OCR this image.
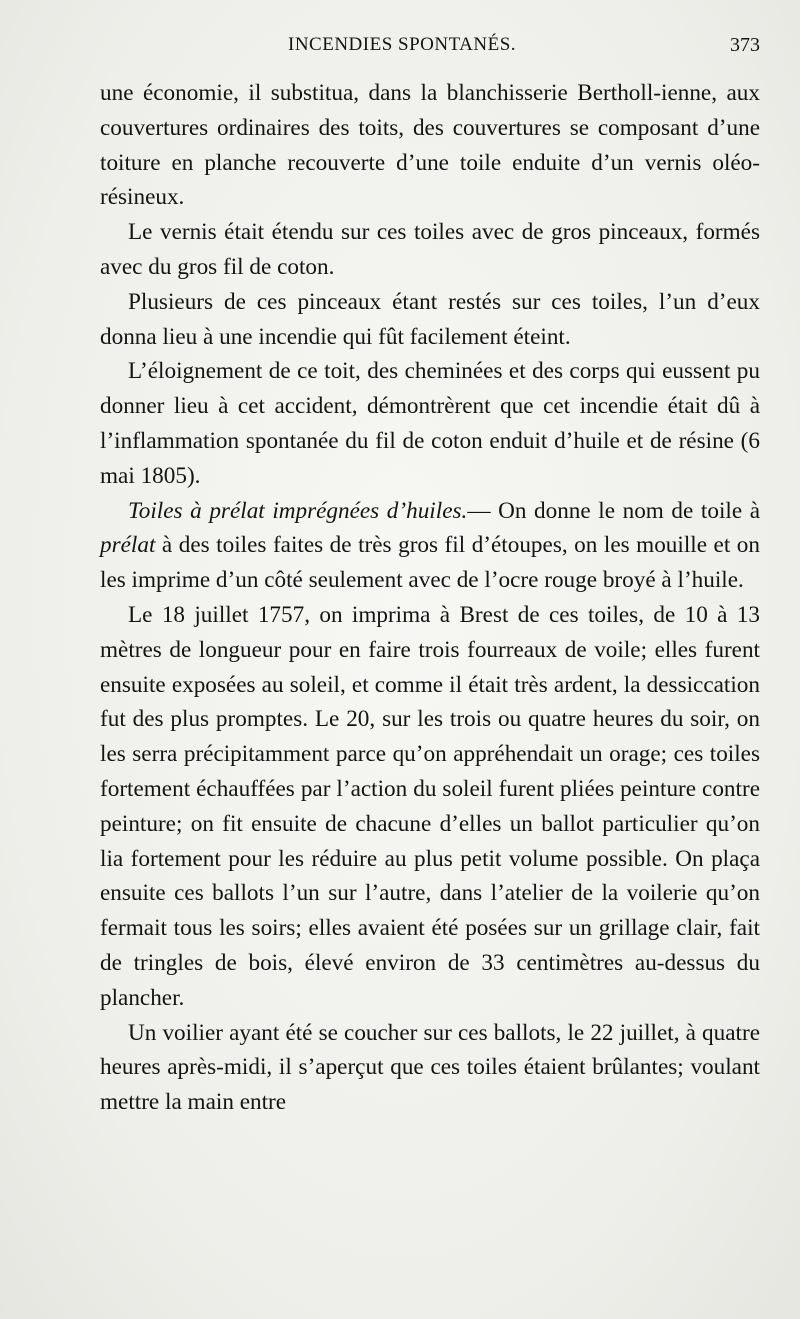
INCENDIES SPONTANÉS.	373

une économie, il substitua, dans la blanchisserie Bertholl-ienne, aux couvertures ordinaires des toits, des couvertures se composant d’une toiture en planche recouverte d’une toile enduite d’un vernis oléo-résineux.

Le vernis était étendu sur ces toiles avec de gros pinceaux, formés avec du gros fil de coton.

Plusieurs de ces pinceaux étant restés sur ces toiles, l’un d’eux donna lieu à une incendie qui fût facilement éteint.

L’éloignement de ce toit, des cheminées et des corps qui eussent pu donner lieu à cet accident, démontrèrent que cet incendie était dû à l’inflammation spontanée du fil de coton enduit d’huile et de résine (6 mai 1805).

Toiles à prélat imprégnées d’huiles.— On donne le nom de toile à prélat à des toiles faites de très gros fil d’étoupes, on les mouille et on les imprime d’un côté seulement avec de l’ocre rouge broyé à l’huile.

Le 18 juillet 1757, on imprima à Brest de ces toiles, de 10 à 13 mètres de longueur pour en faire trois fourreaux de voile; elles furent ensuite exposées au soleil, et comme il était très ardent, la dessiccation fut des plus promptes. Le 20, sur les trois ou quatre heures du soir, on les serra précipitamment parce qu’on appréhendait un orage; ces toiles fortement échauffées par l’action du soleil furent pliées peinture contre peinture; on fit ensuite de chacune d’elles un ballot particulier qu’on lia fortement pour les réduire au plus petit volume possible. On plaça ensuite ces ballots l’un sur l’autre, dans l’atelier de la voilerie qu’on fermait tous les soirs; elles avaient été posées sur un grillage clair, fait de tringles de bois, élevé environ de 33 centimètres au-dessus du plancher.

Un voilier ayant été se coucher sur ces ballots, le 22 juillet, à quatre heures après-midi, il s’aperçut que ces toiles étaient brûlantes; voulant mettre la main entre
